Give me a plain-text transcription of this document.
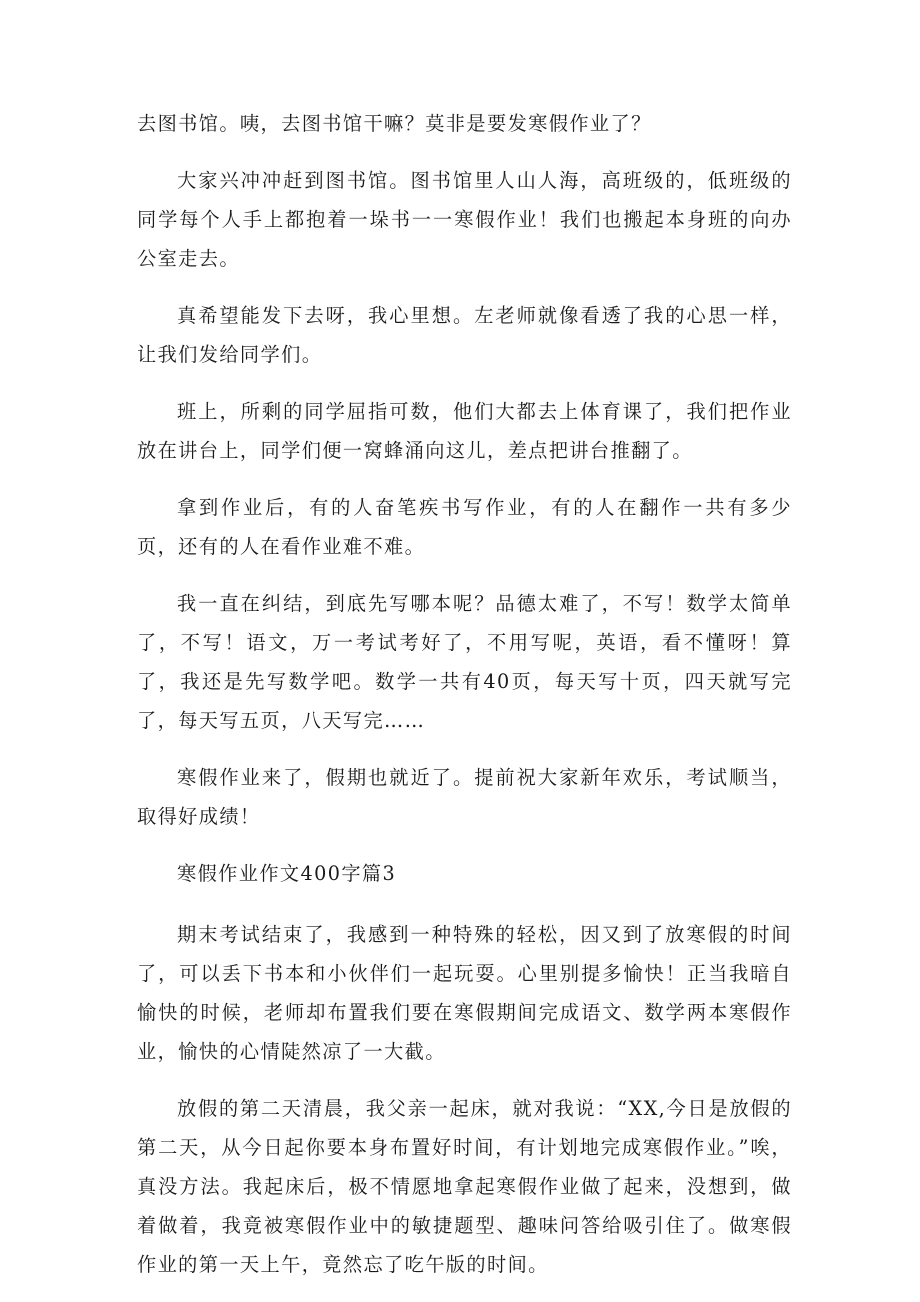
去图书馆。咦，去图书馆干嘛？莫非是要发寒假作业了？

大家兴冲冲赶到图书馆。图书馆里人山人海，高班级的，低班级的同学每个人手上都抱着一垛书一一寒假作业！我们也搬起本身班的向办公室走去。

真希望能发下去呀，我心里想。左老师就像看透了我的心思一样，让我们发给同学们。

班上，所剩的同学屈指可数，他们大都去上体育课了，我们把作业放在讲台上，同学们便一窝蜂涌向这儿，差点把讲台推翻了。

拿到作业后，有的人奋笔疾书写作业，有的人在翻作一共有多少页，还有的人在看作业难不难。

我一直在纠结，到底先写哪本呢？品德太难了，不写！数学太简单了，不写！语文，万一考试考好了，不用写呢，英语，看不懂呀！算了，我还是先写数学吧。数学一共有40页，每天写十页，四天就写完了，每天写五页，八天写完……

寒假作业来了，假期也就近了。提前祝大家新年欢乐，考试顺当，取得好成绩！

寒假作业作文400字篇3

期末考试结束了，我感到一种特殊的轻松，因又到了放寒假的时间了，可以丢下书本和小伙伴们一起玩耍。心里别提多愉快！正当我暗自愉快的时候，老师却布置我们要在寒假期间完成语文、数学两本寒假作业，愉快的心情陡然凉了一大截。

放假的第二天清晨，我父亲一起床，就对我说：“XX,今日是放假的第二天，从今日起你要本身布置好时间，有计划地完成寒假作业。”唉，真没方法。我起床后，极不情愿地拿起寒假作业做了起来，没想到，做着做着，我竟被寒假作业中的敏捷题型、趣味问答给吸引住了。做寒假作业的第一天上午，竟然忘了吃午版的时间。
